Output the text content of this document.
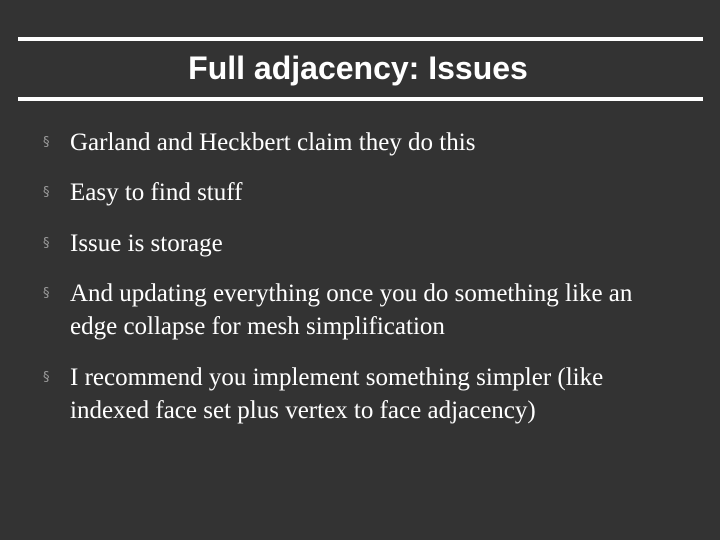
Full adjacency: Issues
§ Garland and Heckbert claim they do this
§ Easy to find stuff
§ Issue is storage
§ And updating everything once you do something like an edge collapse for mesh simplification
§ I recommend you implement something simpler (like indexed face set plus vertex to face adjacency)
